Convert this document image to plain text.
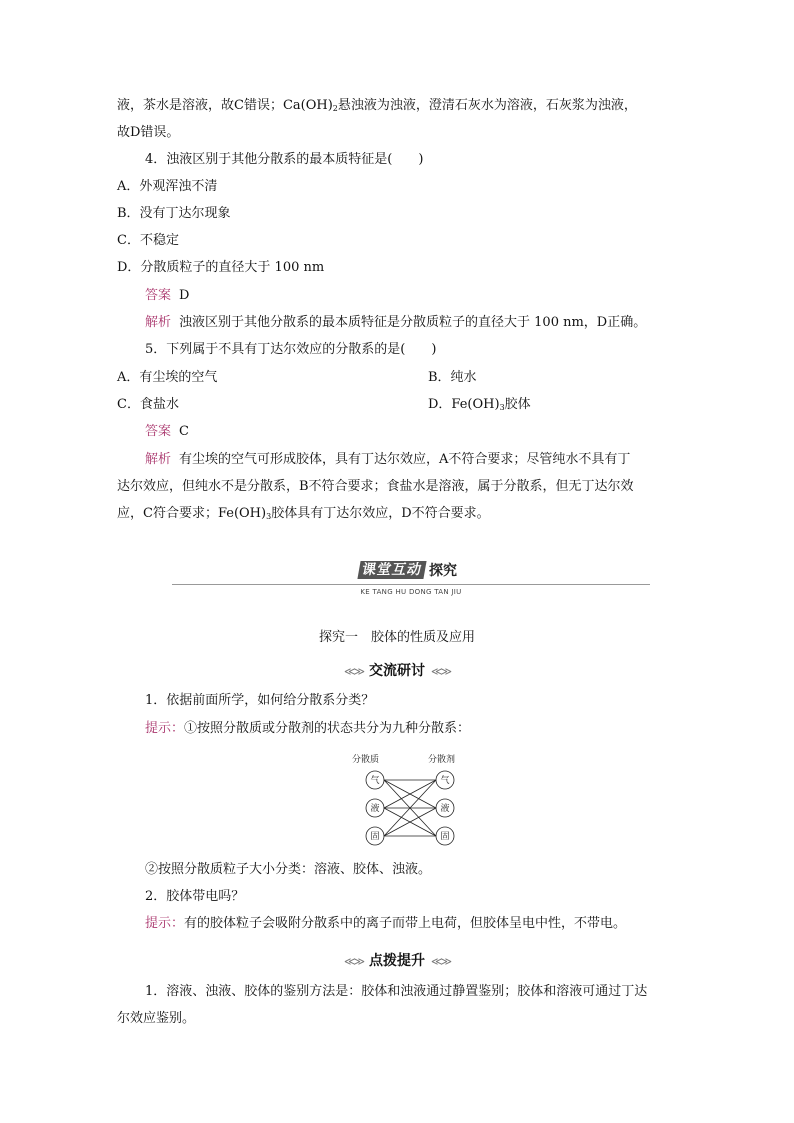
液，茶水是溶液，故C错误；$Ca(OH)_2$悬浊液为浊液，澄清石灰水为溶液，石灰浆为浊液，
故D错误。
4．浊液区别于其他分散系的最本质特征是(　　)
A．外观浑浊不清
B．没有丁达尔现象
C．不稳定
D．分散质粒子的直径大于 100 nm
答案 D
解析 浊液区别于其他分散系的最本质特征是分散质粒子的直径大于 100 nm，D正确。
5．下列属于不具有丁达尔效应的分散系的是(　　)
A．有尘埃的空气	B．纯水
C．食盐水	D．$Fe(OH)_3$胶体
答案 C
解析 有尘埃的空气可形成胶体，具有丁达尔效应，A不符合要求；尽管纯水不具有丁
达尔效应，但纯水不是分散系，B不符合要求；食盐水是溶液，属于分散系，但无丁达尔效
应，C符合要求；$Fe(OH)_3$胶体具有丁达尔效应，D不符合要求。
课堂互动 探究
KE TANG HU DONG TAN JIU
探究一　胶体的性质及应用
≪≫ 交流研讨 ≪≫
1．依据前面所学，如何给分散系分类？
提示：①按照分散质或分散剂的状态共分为九种分散系：
分散质	分散剂
气
液
固
气
液
固
②按照分散质粒子大小分类：溶液、胶体、浊液。
2．胶体带电吗？
提示：有的胶体粒子会吸附分散系中的离子而带上电荷，但胶体呈电中性，不带电。
≪≫ 点拨提升 ≪≫
1．溶液、浊液、胶体的鉴别方法是：胶体和浊液通过静置鉴别；胶体和溶液可通过丁达
尔效应鉴别。
